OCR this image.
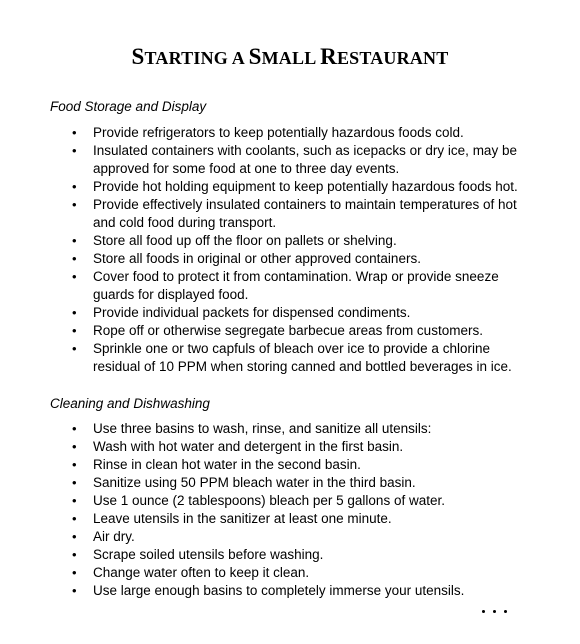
STARTING A SMALL RESTAURANT
Food Storage and Display
• Provide refrigerators to keep potentially hazardous foods cold.
• Insulated containers with coolants, such as icepacks or dry ice, may be approved for some food at one to three day events.
• Provide hot holding equipment to keep potentially hazardous foods hot.
• Provide effectively insulated containers to maintain temperatures of hot and cold food during transport.
• Store all food up off the floor on pallets or shelving.
• Store all foods in original or other approved containers.
• Cover food to protect it from contamination. Wrap or provide sneeze guards for displayed food.
• Provide individual packets for dispensed condiments.
• Rope off or otherwise segregate barbecue areas from customers.
• Sprinkle one or two capfuls of bleach over ice to provide a chlorine residual of 10 PPM when storing canned and bottled beverages in ice.
Cleaning and Dishwashing
• Use three basins to wash, rinse, and sanitize all utensils:
• Wash with hot water and detergent in the first basin.
• Rinse in clean hot water in the second basin.
• Sanitize using 50 PPM bleach water in the third basin.
• Use 1 ounce (2 tablespoons) bleach per 5 gallons of water.
• Leave utensils in the sanitizer at least one minute.
• Air dry.
• Scrape soiled utensils before washing.
• Change water often to keep it clean.
• Use large enough basins to completely immerse your utensils.
